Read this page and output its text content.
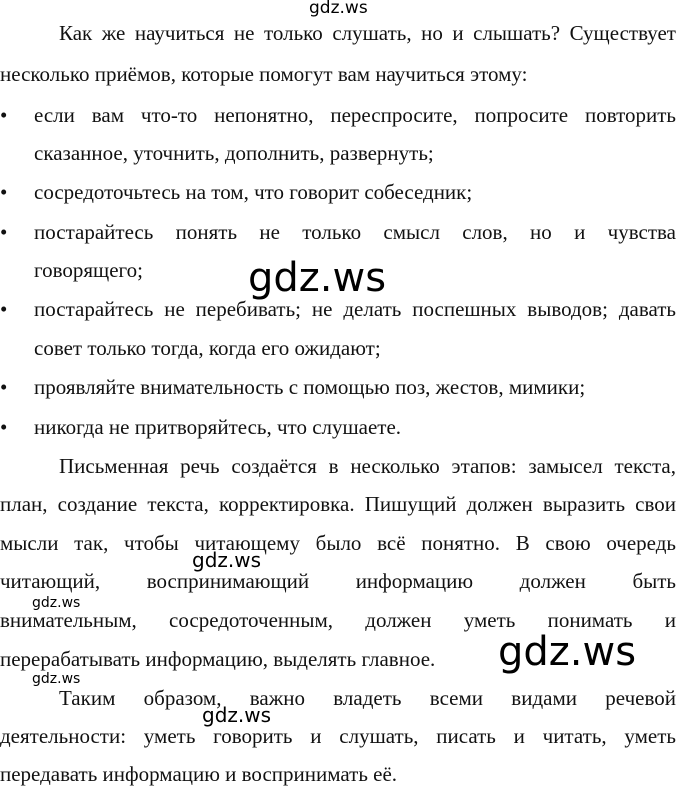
Как же научиться не только слушать, но и слышать? Существует

несколько приёмов, которые помогут вам научиться этому:

• если вам что-то непонятно, переспросите, попросите повторить

сказанное, уточнить, дополнить, развернуть;

• сосредоточьтесь на том, что говорит собеседник;

• постарайтесь понять не только смысл слов, но и чувства

говорящего;

• постарайтесь не перебивать; не делать поспешных выводов; давать

совет только тогда, когда его ожидают;

• проявляйте внимательность с помощью поз, жестов, мимики;

• никогда не притворяйтесь, что слушаете.

Письменная речь создаётся в несколько этапов: замысел текста,

план, создание текста, корректировка. Пишущий должен выразить свои

мысли так, чтобы читающему было всё понятно. В свою очередь

читающий, воспринимающий информацию должен быть

внимательным, сосредоточенным, должен уметь понимать и

перерабатывать информацию, выделять главное.

Таким образом, важно владеть всеми видами речевой

деятельности: уметь говорить и слушать, писать и читать, уметь

передавать информацию и воспринимать её.

gdz.ws
gdz.ws
gdz.ws
gdz.ws
gdz.ws
gdz.ws
gdz.ws
